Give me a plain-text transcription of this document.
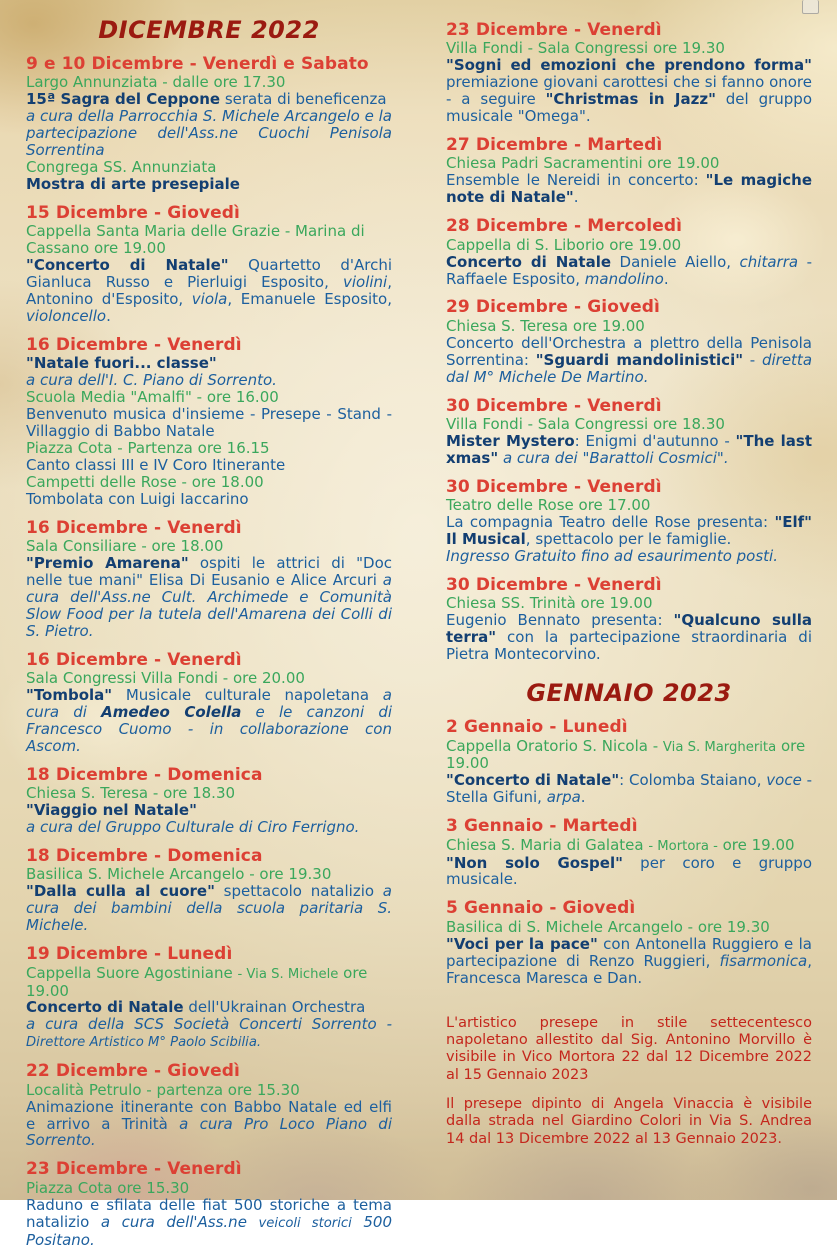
DICEMBRE 2022
9 e 10 Dicembre - Venerdì e Sabato
Largo Annunziata - dalle ore 17.30
15ª Sagra del Ceppone serata di beneficenza
a cura della Parrocchia S. Michele Arcangelo e la partecipazione dell'Ass.ne Cuochi Penisola Sorrentina
Congrega SS. Annunziata
Mostra di arte presepiale
15 Dicembre - Giovedì
Cappella Santa Maria delle Grazie - Marina di Cassano ore 19.00
"Concerto di Natale" Quartetto d'Archi Gianluca Russo e Pierluigi Esposito, violini, Antonino d'Esposito, viola, Emanuele Esposito, violoncello.
16 Dicembre - Venerdì
"Natale fuori... classe"
a cura dell'I. C. Piano di Sorrento.
Scuola Media "Amalfi" - ore 16.00
Benvenuto musica d'insieme - Presepe - Stand - Villaggio di Babbo Natale
Piazza Cota - Partenza ore 16.15
Canto classi III e IV Coro Itinerante
Campetti delle Rose - ore 18.00
Tombolata con Luigi Iaccarino
16 Dicembre - Venerdì
Sala Consiliare - ore 18.00
"Premio Amarena" ospiti le attrici di "Doc nelle tue mani" Elisa Di Eusanio e Alice Arcuri a cura dell'Ass.ne Cult. Archimede e Comunità Slow Food per la tutela dell'Amarena dei Colli di S. Pietro.
16 Dicembre - Venerdì
Sala Congressi Villa Fondi - ore 20.00
"Tombola" Musicale culturale napoletana a cura di Amedeo Colella e le canzoni di Francesco Cuomo - in collaborazione con Ascom.
18 Dicembre - Domenica
Chiesa S. Teresa - ore 18.30
"Viaggio nel Natale"
a cura del Gruppo Culturale di Ciro Ferrigno.
18 Dicembre - Domenica
Basilica S. Michele Arcangelo - ore 19.30
"Dalla culla al cuore" spettacolo natalizio a cura dei bambini della scuola paritaria S. Michele.
19 Dicembre - Lunedì
Cappella Suore Agostiniane - Via S. Michele ore 19.00
Concerto di Natale dell'Ukrainan Orchestra
a cura della SCS Società Concerti Sorrento - Direttore Artistico M° Paolo Scibilia.
22 Dicembre - Giovedì
Località Petrulo - partenza ore 15.30
Animazione itinerante con Babbo Natale ed elfi e arrivo a Trinità a cura Pro Loco Piano di Sorrento.
23 Dicembre - Venerdì
Piazza Cota ore 15.30
Raduno e sfilata delle fiat 500 storiche a tema natalizio a cura dell'Ass.ne veicoli storici 500 Positano.
23 Dicembre - Venerdì
Villa Fondi - Sala Congressi ore 19.30
"Sogni ed emozioni che prendono forma" premiazione giovani carottesi che si fanno onore - a seguire "Christmas in Jazz" del gruppo musicale "Omega".
27 Dicembre - Martedì
Chiesa Padri Sacramentini ore 19.00
Ensemble le Nereidi in concerto: "Le magiche note di Natale".
28 Dicembre - Mercoledì
Cappella di S. Liborio ore 19.00
Concerto di Natale Daniele Aiello, chitarra - Raffaele Esposito, mandolino.
29 Dicembre - Giovedì
Chiesa S. Teresa ore 19.00
Concerto dell'Orchestra a plettro della Penisola Sorrentina: "Sguardi mandolinistici" - diretta dal M° Michele De Martino.
30 Dicembre - Venerdì
Villa Fondi - Sala Congressi ore 18.30
Mister Mystero: Enigmi d'autunno - "The last xmas" a cura dei "Barattoli Cosmici".
30 Dicembre - Venerdì
Teatro delle Rose ore 17.00
La compagnia Teatro delle Rose presenta: "Elf" Il Musical, spettacolo per le famiglie.
Ingresso Gratuito fino ad esaurimento posti.
30 Dicembre - Venerdì
Chiesa SS. Trinità ore 19.00
Eugenio Bennato presenta: "Qualcuno sulla terra" con la partecipazione straordinaria di Pietra Montecorvino.
GENNAIO 2023
2 Gennaio - Lunedì
Cappella Oratorio S. Nicola - Via S. Margherita ore 19.00
"Concerto di Natale": Colomba Staiano, voce - Stella Gifuni, arpa.
3 Gennaio - Martedì
Chiesa S. Maria di Galatea - Mortora - ore 19.00
"Non solo Gospel" per coro e gruppo musicale.
5 Gennaio - Giovedì
Basilica di S. Michele Arcangelo - ore 19.30
"Voci per la pace" con Antonella Ruggiero e la partecipazione di Renzo Ruggieri, fisarmonica, Francesca Maresca e Dan.
L'artistico presepe in stile settecentesco napoletano allestito dal Sig. Antonino Morvillo è visibile in Vico Mortora 22 dal 12 Dicembre 2022 al 15 Gennaio 2023
Il presepe dipinto di Angela Vinaccia è visibile dalla strada nel Giardino Colori in Via S. Andrea 14 dal 13 Dicembre 2022 al 13 Gennaio 2023.
